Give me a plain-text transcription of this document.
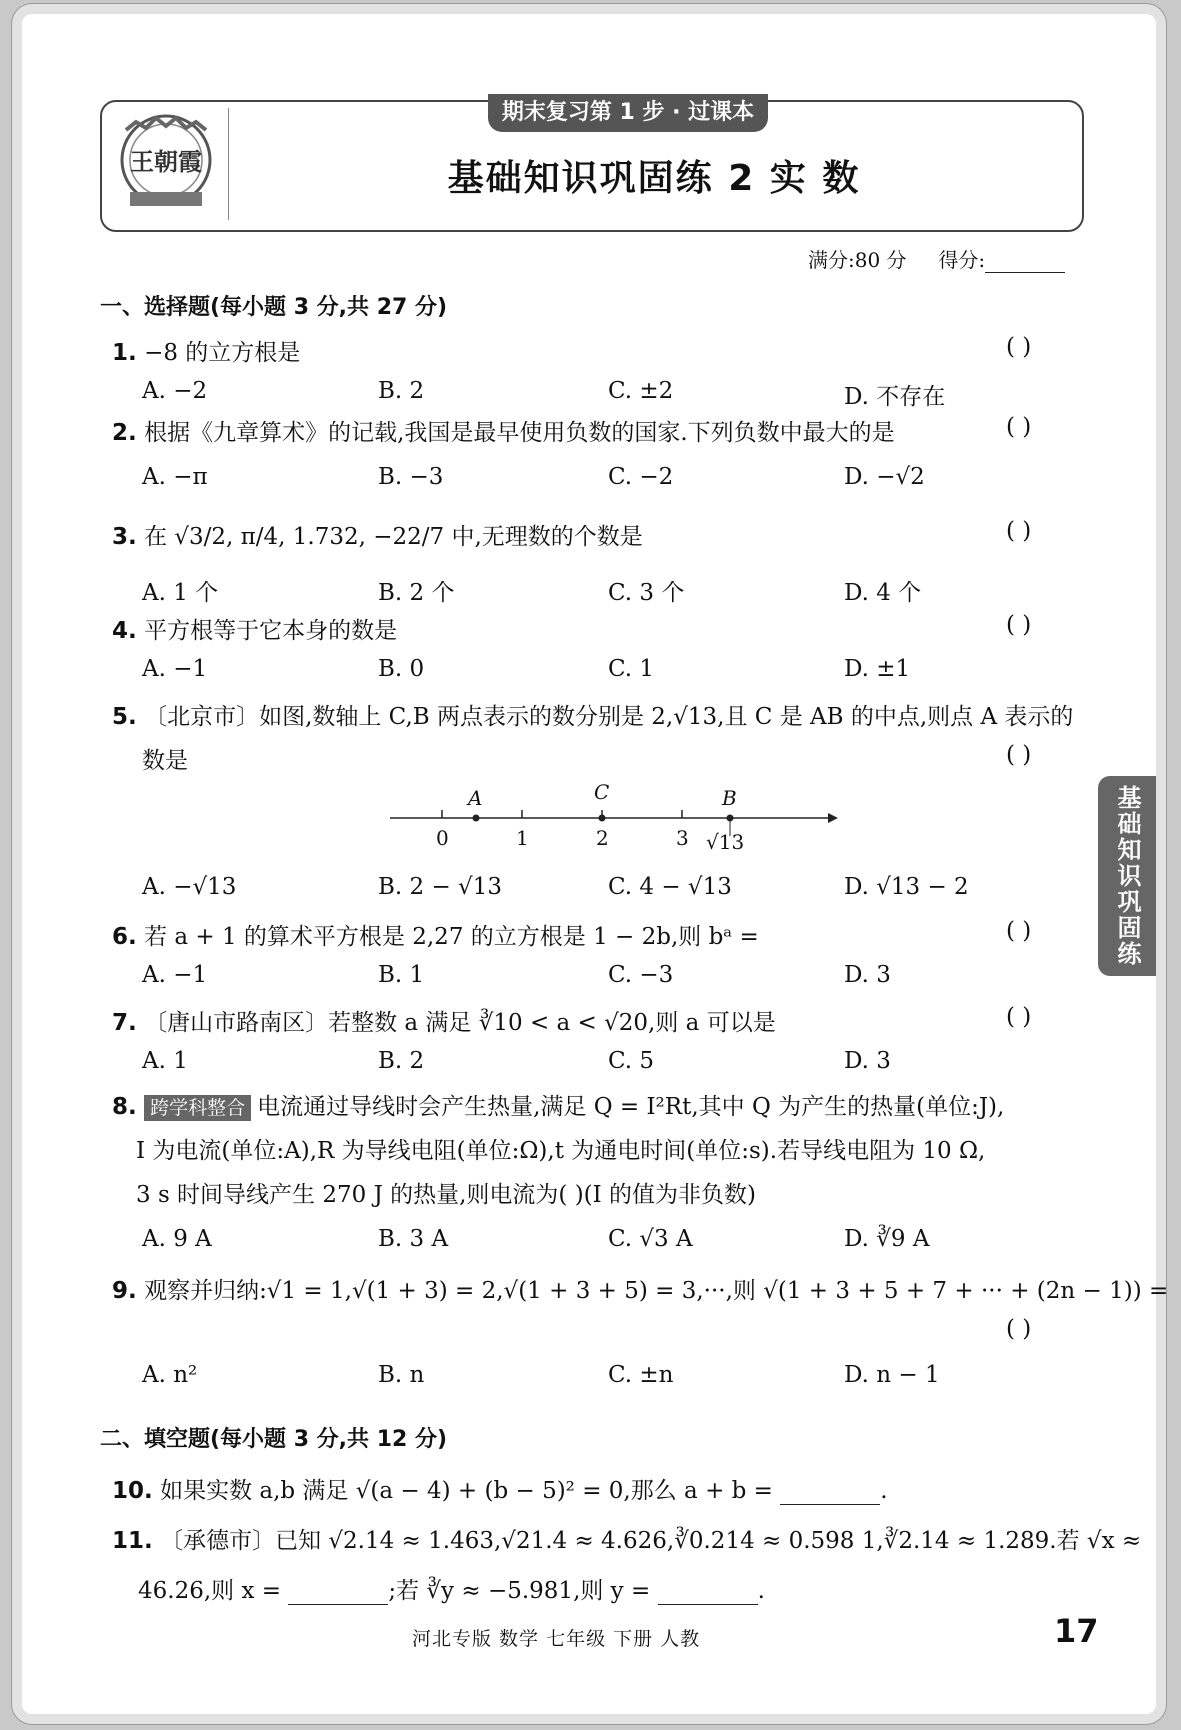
王朝霞
期末复习第 1 步 · 过课本
基础知识巩固练 2 实 数
满分:80 分 得分:
一、选择题(每小题 3 分,共 27 分)
1. −8 的立方根是	( )
A. −2	B. 2	C. ±2	D. 不存在
2. 根据《九章算术》的记载,我国是最早使用负数的国家.下列负数中最大的是	( )
A. −π	B. −3	C. −2	D. −√2
3. 在 √3/2, π/4, 1.732, −22/7 中,无理数的个数是	( )
A. 1 个	B. 2 个	C. 3 个	D. 4 个
4. 平方根等于它本身的数是	( )
A. −1	B. 0	C. 1	D. ±1
5. 〔北京市〕如图,数轴上 C,B 两点表示的数分别是 2,√13,且 C 是 AB 的中点,则点 A 表示的
数是	( )
0	1	2	3
A	C	B
√13
A. −√13	B. 2 − √13	C. 4 − √13	D. √13 − 2
6. 若 a + 1 的算术平方根是 2,27 的立方根是 1 − 2b,则 bᵃ =	( )
A. −1	B. 1	C. −3	D. 3
7. 〔唐山市路南区〕若整数 a 满足 ∛10 < a < √20,则 a 可以是	( )
A. 1	B. 2	C. 5	D. 3
8. 跨学科整合 电流通过导线时会产生热量,满足 Q = I²Rt,其中 Q 为产生的热量(单位:J),
I 为电流(单位:A),R 为导线电阻(单位:Ω),t 为通电时间(单位:s).若导线电阻为 10 Ω,
3 s 时间导线产生 270 J 的热量,则电流为( )(I 的值为非负数)
A. 9 A	B. 3 A	C. √3 A	D. ∛9 A
9. 观察并归纳:√1 = 1,√(1 + 3) = 2,√(1 + 3 + 5) = 3,···,则 √(1 + 3 + 5 + 7 + ··· + (2n − 1)) =
( )
A. n²	B. n	C. ±n	D. n − 1
二、填空题(每小题 3 分,共 12 分)
10. 如果实数 a,b 满足 √(a − 4) + (b − 5)² = 0,那么 a + b =	.
11. 〔承德市〕已知 √2.14 ≈ 1.463,√21.4 ≈ 4.626,∛0.214 ≈ 0.598 1,∛2.14 ≈ 1.289.若 √x ≈
46.26,则 x =	;若 ∛y ≈ −5.981,则 y =	.
基础知识巩固练
河北专版 数学 七年级 下册 人教	17
